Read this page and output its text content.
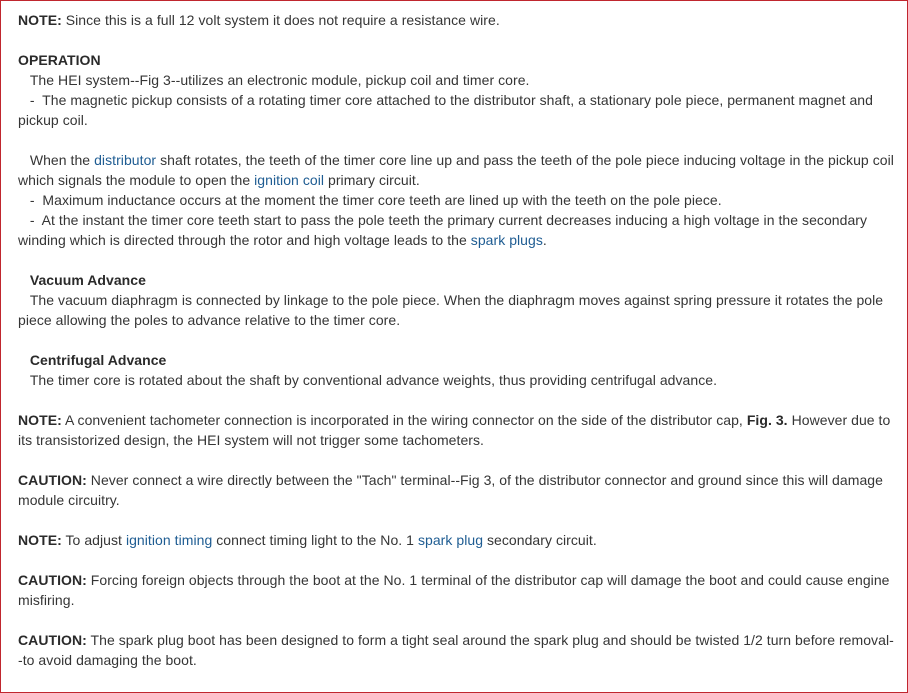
NOTE: Since this is a full 12 volt system it does not require a resistance wire.

OPERATION

The HEI system--Fig 3--utilizes an electronic module, pickup coil and timer core.

-  The magnetic pickup consists of a rotating timer core attached to the distributor shaft, a stationary pole piece, permanent magnet and pickup coil.

When the distributor shaft rotates, the teeth of the timer core line up and pass the teeth of the pole piece inducing voltage in the pickup coil which signals the module to open the ignition coil primary circuit.

-  Maximum inductance occurs at the moment the timer core teeth are lined up with the teeth on the pole piece.

-  At the instant the timer core teeth start to pass the pole teeth the primary current decreases inducing a high voltage in the secondary winding which is directed through the rotor and high voltage leads to the spark plugs.

Vacuum Advance

The vacuum diaphragm is connected by linkage to the pole piece. When the diaphragm moves against spring pressure it rotates the pole piece allowing the poles to advance relative to the timer core.

Centrifugal Advance

The timer core is rotated about the shaft by conventional advance weights, thus providing centrifugal advance.

NOTE: A convenient tachometer connection is incorporated in the wiring connector on the side of the distributor cap, Fig. 3. However due to its transistorized design, the HEI system will not trigger some tachometers.

CAUTION: Never connect a wire directly between the "Tach" terminal--Fig 3, of the distributor connector and ground since this will damage module circuitry.

NOTE: To adjust ignition timing connect timing light to the No. 1 spark plug secondary circuit.

CAUTION: Forcing foreign objects through the boot at the No. 1 terminal of the distributor cap will damage the boot and could cause engine misfiring.

CAUTION: The spark plug boot has been designed to form a tight seal around the spark plug and should be twisted 1/2 turn before removal--to avoid damaging the boot.
